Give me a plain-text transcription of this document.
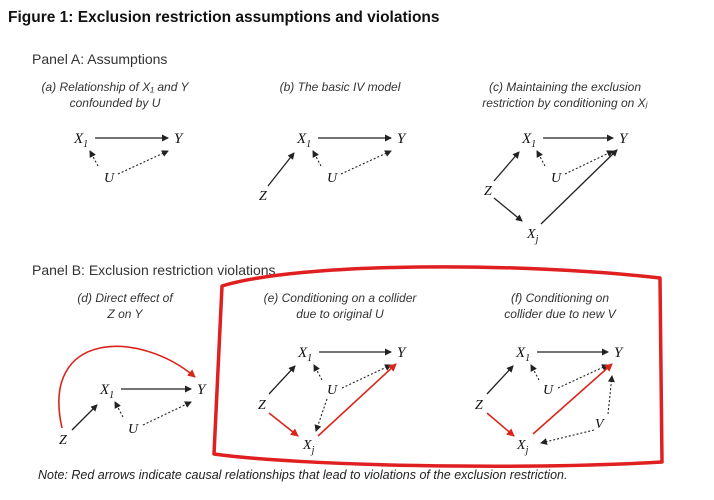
Figure 1: Exclusion restriction assumptions and violations
Panel A: Assumptions
Panel B: Exclusion restriction violations
(a) Relationship of X₁ and Y
confounded by U
(b) The basic IV model	(c) Maintaining the exclusion
restriction by conditioning on Xⱼ
(d) Direct effect of
Z on Y
(e) Conditioning on a collider
due to original U
(f) Conditioning on
collider due to new V
$X_1$	Y
U
$X_1$	Y
U
Z
$X_1$	Y
U
Z
$X_j$
$X_1$	Y
U
Z
$X_1$	Y
U
Z
$X_j$
$X_1$	Y
U
Z
$X_j$
V
Note: Red arrows indicate causal relationships that lead to violations of the exclusion restriction.
